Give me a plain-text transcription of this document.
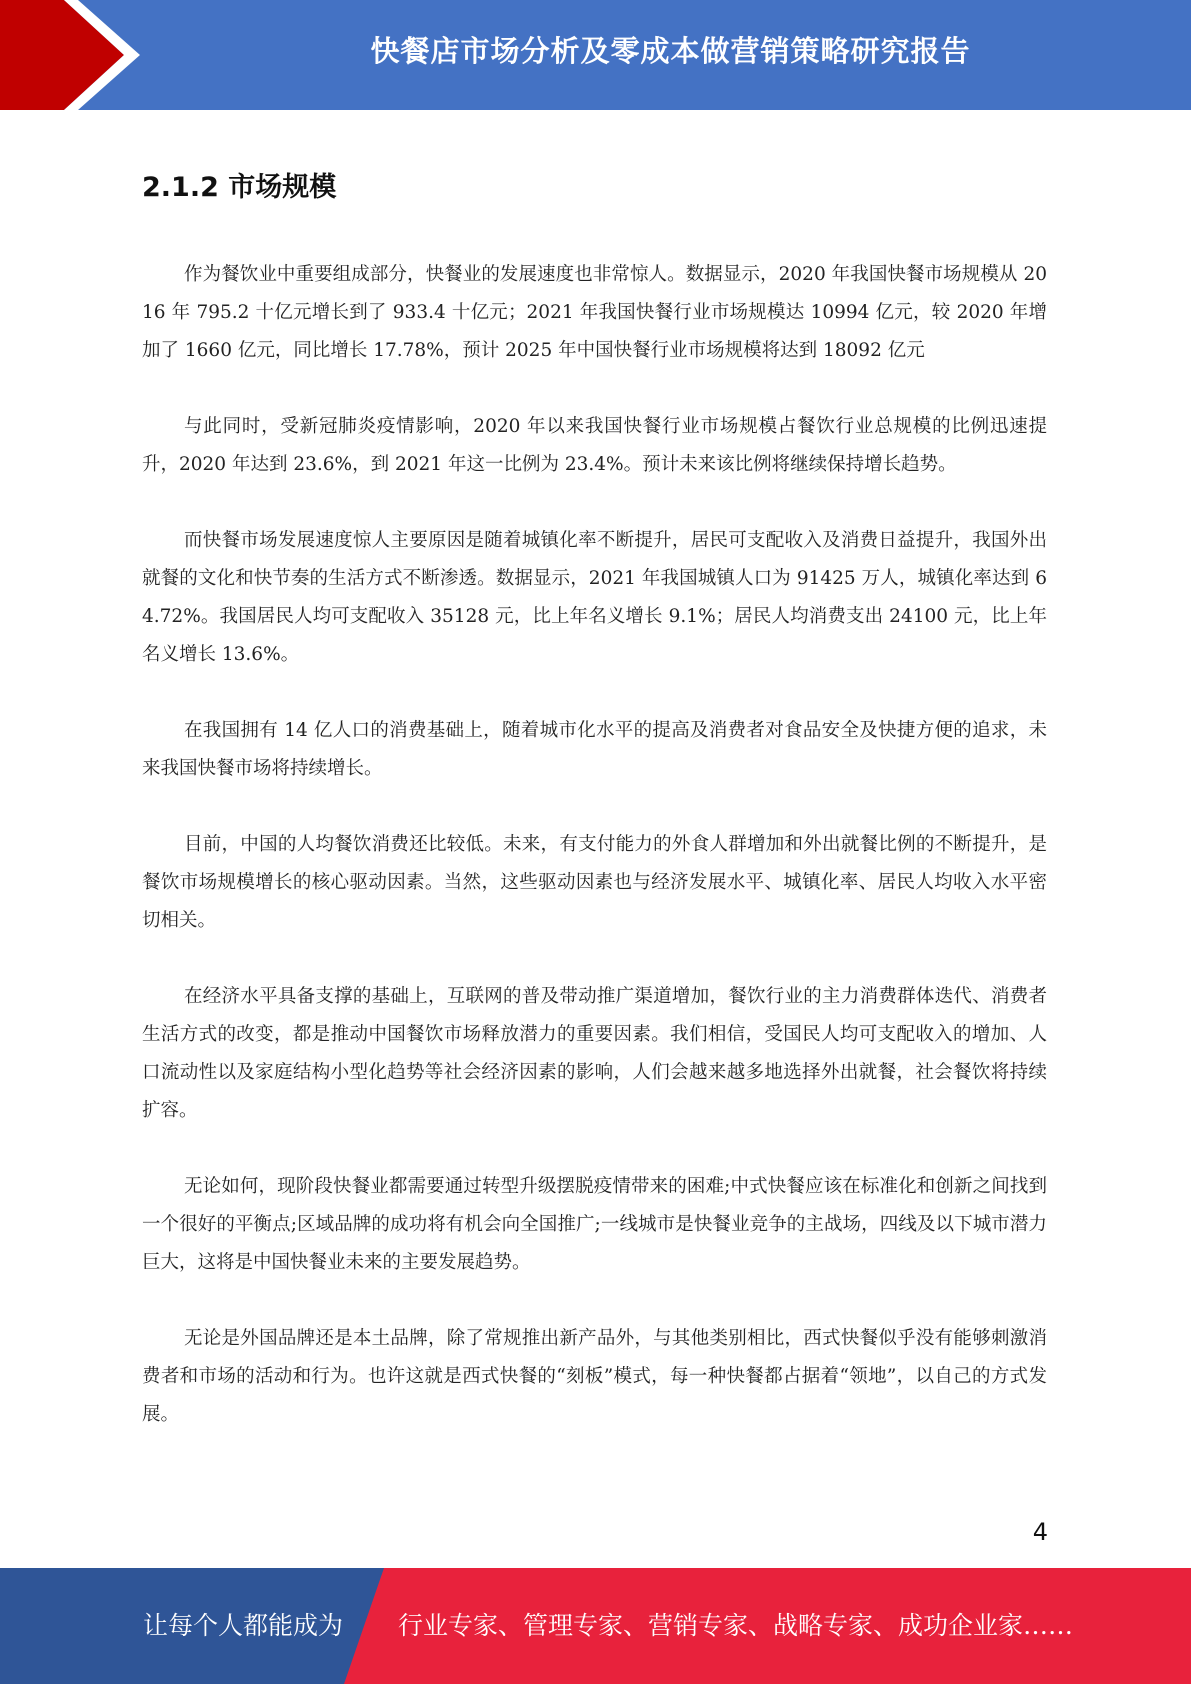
快餐店市场分析及零成本做营销策略研究报告
2.1.2 市场规模

作为餐饮业中重要组成部分，快餐业的发展速度也非常惊人。数据显示，2020 年我国快餐市场规模从 2016 年 795.2 十亿元增长到了 933.4 十亿元；2021 年我国快餐行业市场规模达 10994 亿元，较 2020 年增加了 1660 亿元，同比增长 17.78%，预计 2025 年中国快餐行业市场规模将达到 18092 亿元

与此同时，受新冠肺炎疫情影响，2020 年以来我国快餐行业市场规模占餐饮行业总规模的比例迅速提升，2020 年达到 23.6%，到 2021 年这一比例为 23.4%。预计未来该比例将继续保持增长趋势。

而快餐市场发展速度惊人主要原因是随着城镇化率不断提升，居民可支配收入及消费日益提升，我国外出就餐的文化和快节奏的生活方式不断渗透。数据显示，2021 年我国城镇人口为 91425 万人，城镇化率达到 64.72%。我国居民人均可支配收入 35128 元，比上年名义增长 9.1%；居民人均消费支出 24100 元，比上年名义增长 13.6%。

在我国拥有 14 亿人口的消费基础上，随着城市化水平的提高及消费者对食品安全及快捷方便的追求，未来我国快餐市场将持续增长。

目前，中国的人均餐饮消费还比较低。未来，有支付能力的外食人群增加和外出就餐比例的不断提升，是餐饮市场规模增长的核心驱动因素。当然，这些驱动因素也与经济发展水平、城镇化率、居民人均收入水平密切相关。

在经济水平具备支撑的基础上，互联网的普及带动推广渠道增加，餐饮行业的主力消费群体迭代、消费者生活方式的改变，都是推动中国餐饮市场释放潜力的重要因素。我们相信，受国民人均可支配收入的增加、人口流动性以及家庭结构小型化趋势等社会经济因素的影响，人们会越来越多地选择外出就餐，社会餐饮将持续扩容。

无论如何，现阶段快餐业都需要通过转型升级摆脱疫情带来的困难;中式快餐应该在标准化和创新之间找到一个很好的平衡点;区域品牌的成功将有机会向全国推广;一线城市是快餐业竞争的主战场，四线及以下城市潜力巨大，这将是中国快餐业未来的主要发展趋势。

无论是外国品牌还是本土品牌，除了常规推出新产品外，与其他类别相比，西式快餐似乎没有能够刺激消费者和市场的活动和行为。也许这就是西式快餐的“刻板”模式，每一种快餐都占据着“领地”，以自己的方式发展。

4
让每个人都能成为 行业专家、管理专家、营销专家、战略专家、成功企业家……
